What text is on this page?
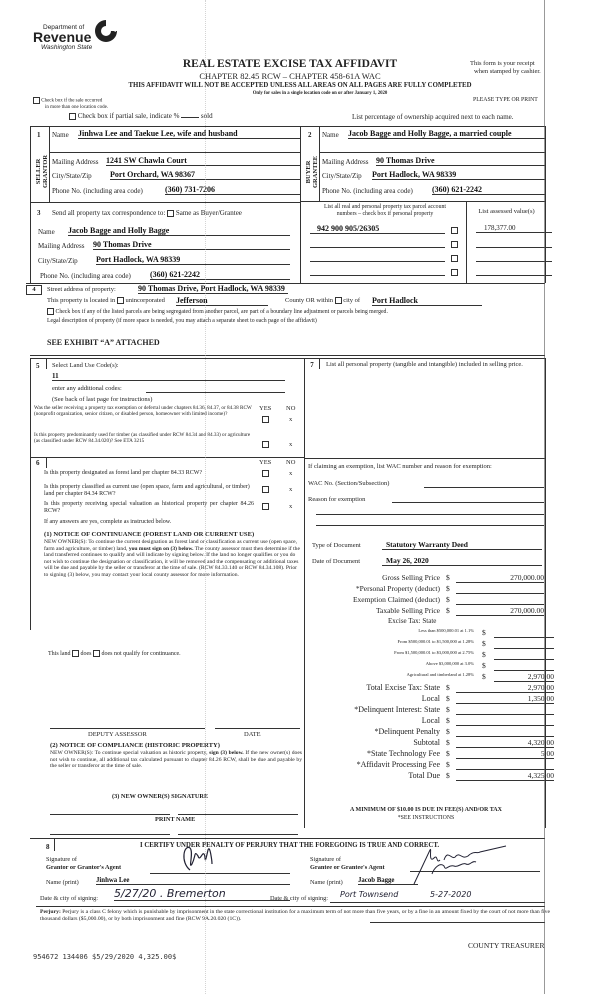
Department of
Revenue
Washington State
REAL ESTATE EXCISE TAX AFFIDAVIT
CHAPTER 82.45 RCW – CHAPTER 458-61A WAC
THIS AFFIDAVIT WILL NOT BE ACCEPTED UNLESS ALL AREAS ON ALL PAGES ARE FULLY COMPLETED
Only for sales in a single location code on or after January 1, 2020
This form is your receipt
when stamped by cashier.
PLEASE TYPE OR PRINT
Check box if the sale occurred
in more than one location code.
Check box if partial sale, indicate %	sold	List percentage of ownership acquired next to each name.
1
SELLER
GRANTOR
Name Jinhwa Lee and Taekue Lee, wife and husband
Mailing Address 1241 SW Chawla Court
City/State/Zip Port Orchard, WA 98367
Phone No. (including area code)	(360) 731-7206
2
BUYER
GRANTEE
Name Jacob Bagge and Holly Bagge, a married couple
Mailing Address 90 Thomas Drive
City/State/Zip Port Hadlock, WA 98339
Phone No. (including area code) (360) 621-2242
3 Send all property tax correspondence to: Same as Buyer/Grantee
Name Jacob Bagge and Holly Bagge
Mailing Address 90 Thomas Drive
City/State/Zip Port Hadlock, WA 98339
Phone No. (including area code) (360) 621-2242
List all real and personal property tax parcel account
numbers – check box if personal property	List assessed value(s)
942 900 905/26305	178,377.00
4	Street address of property:	90 Thomas Drive, Port Hadlock, WA 98339
This property is located in unincorporated Jefferson	County OR within city of Port Hadlock
Check box if any of the listed parcels are being segregated from another parcel, are part of a boundary line adjustment or parcels being merged.
Legal description of property (if more space is needed, you may attach a separate sheet to each page of the affidavit)
SEE EXHIBIT “A” ATTACHED
5 Select Land Use Code(s):
11
enter any additional codes:
(See back of last page for instructions)
YES NO
Was the seller receiving a property tax exemption or deferral under chapters 84.36, 84.37, or 84.38 RCW (nonprofit organization, senior citizen, or disabled person, homeowner with limited income)?
x
Is this property predominantly used for timber (as classified under RCW 84.34 and 84.33) or agriculture (as classified under RCW 84.34.020)? See ETA 3215	x
6	YES NO
Is this property designated as forest land per chapter 84.33 RCW?	x
Is this property classified as current use (open space, farm and agricultural, or timber) land per chapter 84.34 RCW?
x
Is this property receiving special valuation as historical property per chapter 84.26 RCW?
x
If any answers are yes, complete as instructed below.
(1) NOTICE OF CONTINUANCE (FOREST LAND OR CURRENT USE)
NEW OWNER(S): To continue the current designation as forest land or classification as current use (open space, farm and agriculture, or timber) land, you must sign on (3) below. The county assessor must then determine if the land transferred continues to qualify and will indicate by signing below. If the land no longer qualifies or you do not wish to continue the designation or classification, it will be removed and the compensating or additional taxes will be due and payable by the seller or transferor at the time of sale. (RCW 84.33.140 or RCW 84.34.108). Prior to signing (3) below, you may contact your local county assessor for more information.
This land does does not qualify for continuance.
DEPUTY ASSESSOR	DATE
(2) NOTICE OF COMPLIANCE (HISTORIC PROPERTY)
NEW OWNER(S): To continue special valuation as historic property, sign (3) below. If the new owner(s) does not wish to continue, all additional tax calculated pursuant to chapter 84.26 RCW, shall be due and payable by the seller or transferor at the time of sale.
(3) NEW OWNER(S) SIGNATURE
PRINT NAME
7	List all personal property (tangible and intangible) included in selling price.
If claiming an exemption, list WAC number and reason for exemption:
WAC No. (Section/Subsection)
Reason for exemption
Type of Document	Statutory Warranty Deed
Date of Document	May 26, 2020
Gross Selling Price $	270,000.00
*Personal Property (deduct) $
Exemption Claimed (deduct) $
Taxable Selling Price $	270,000.00
Excise Tax: State
Less than $500,000.01 at 1.1% $
From $500,000.01 to $1,500,000 at 1.28% $
From $1,500,000.01 to $3,000,000 at 2.75% $
Above $3,000,000 at 3.0% $
Agricultural and timberland at 1.28% $	2,970.00
Total Excise Tax: State $	2,970.00
Local $	1,350.00
*Delinquent Interest: State $
Local $
*Delinquent Penalty $
Subtotal $	4,320.00
*State Technology Fee $	5.00
*Affidavit Processing Fee $
Total Due $	4,325.00
A MINIMUM OF $10.00 IS DUE IN FEE(S) AND/OR TAX
*SEE INSTRUCTIONS
8	I CERTIFY UNDER PENALTY OF PERJURY THAT THE FOREGOING IS TRUE AND CORRECT.
Signature of
Grantor or Grantor's Agent
Name (print)	Jinhwa Lee
Date & city of signing: 5/27/20 . Bremerton
Signature of
Grantee or Grantee's Agent
Name (print) Jacob Bagge
Date & city of signing: Port Townsend	5-27-2020
Perjury: Perjury is a class C felony which is punishable by imprisonment in the state correctional institution for a maximum term of not more than five years, or by a fine in an amount fixed by the court of not more than five thousand dollars ($5,000.00), or by both imprisonment and fine (RCW 9A.20.020 (1C)).
COUNTY TREASURER
954672 134406 $5/29/2020 4,325.00$
